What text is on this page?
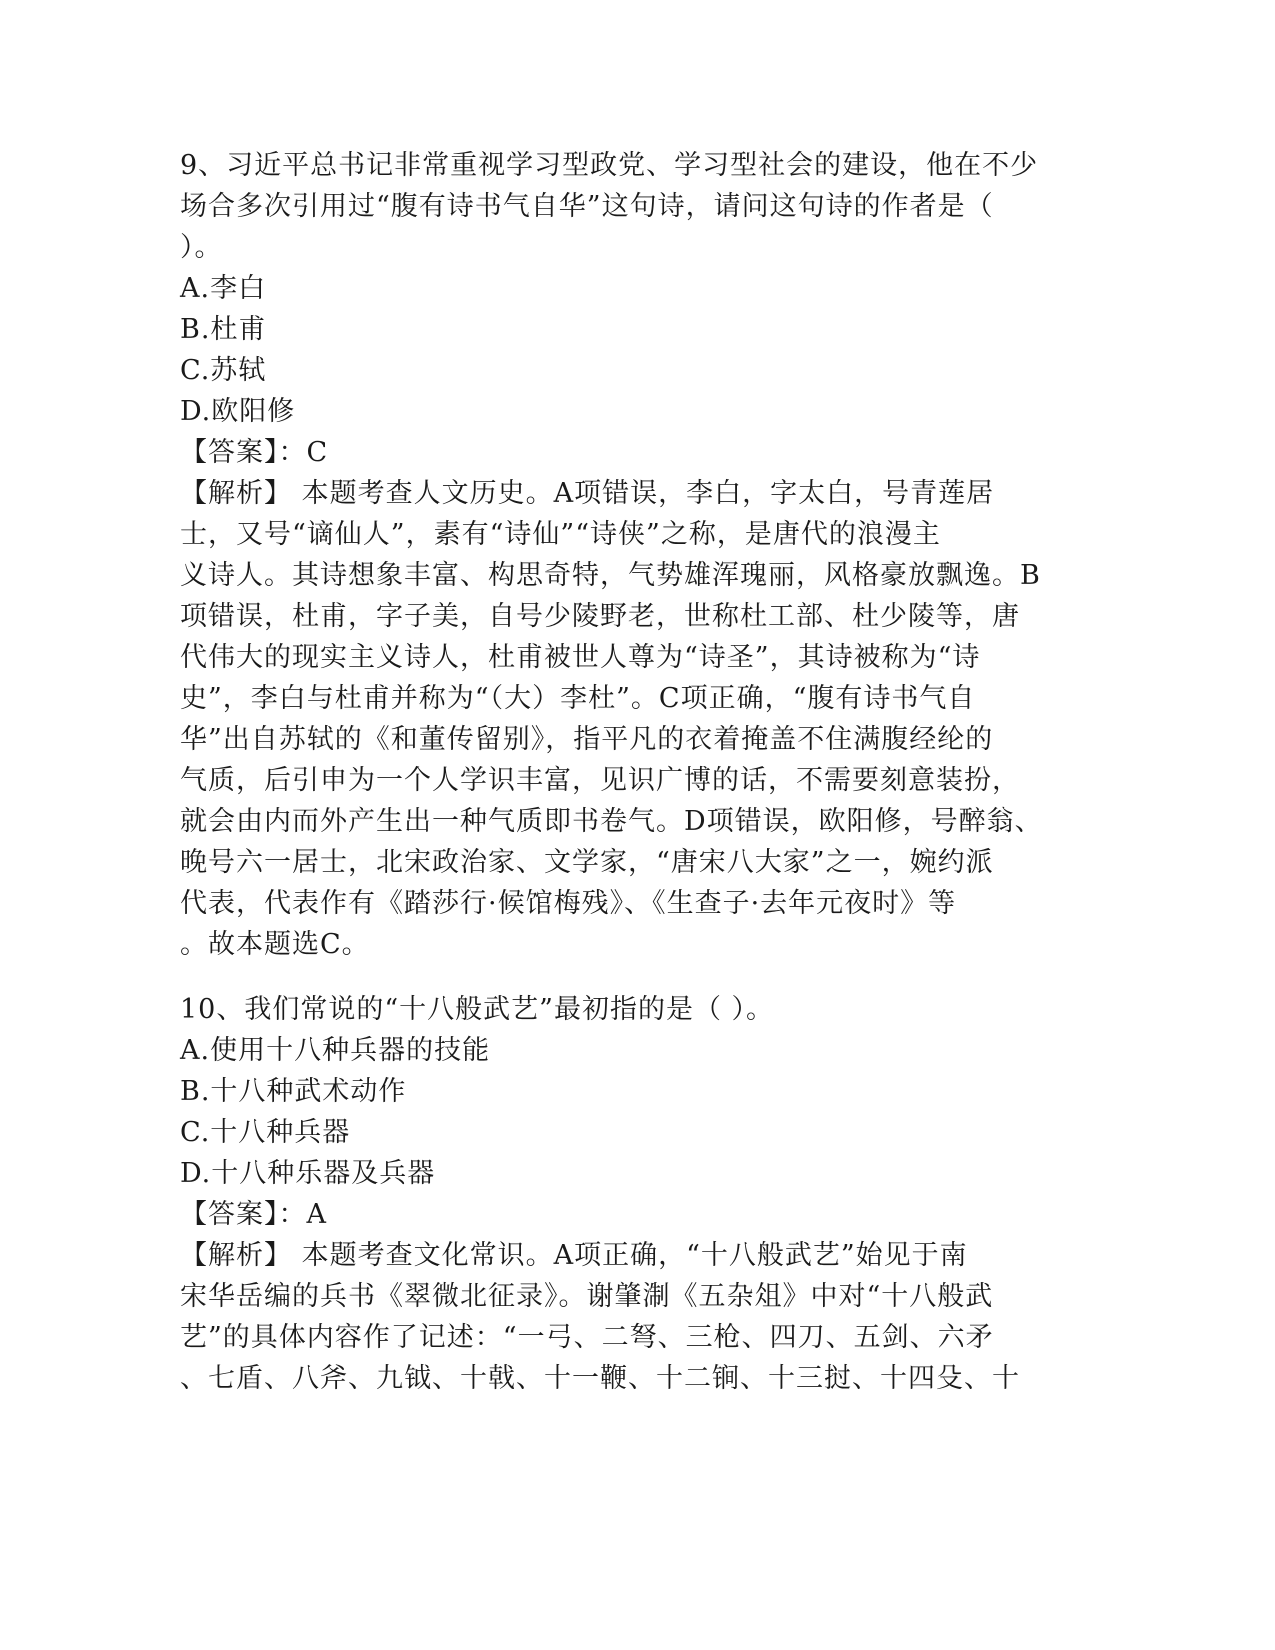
9、习近平总书记非常重视学习型政党、学习型社会的建设，他在不少
场合多次引用过“腹有诗书气自华”这句诗，请问这句诗的作者是（
）。
A.李白
B.杜甫
C.苏轼
D.欧阳修
【答案】：C
【解析】 本题考查人文历史。A项错误，李白，字太白，号青莲居
士，又号“谪仙人”，素有“诗仙”“诗侠”之称，是唐代的浪漫主
义诗人。其诗想象丰富、构思奇特，气势雄浑瑰丽，风格豪放飘逸。B
项错误，杜甫，字子美，自号少陵野老，世称杜工部、杜少陵等，唐
代伟大的现实主义诗人，杜甫被世人尊为“诗圣”，其诗被称为“诗
史”，李白与杜甫并称为“（大）李杜”。C项正确，“腹有诗书气自
华”出自苏轼的《和董传留别》，指平凡的衣着掩盖不住满腹经纶的
气质，后引申为一个人学识丰富，见识广博的话，不需要刻意装扮，
就会由内而外产生出一种气质即书卷气。D项错误，欧阳修，号醉翁、
晚号六一居士，北宋政治家、文学家，“唐宋八大家”之一，婉约派
代表，代表作有《踏莎行·候馆梅残》、《生查子·去年元夜时》等
。故本题选C。
10、我们常说的“十八般武艺”最初指的是（ ）。
A.使用十八种兵器的技能
B.十八种武术动作
C.十八种兵器
D.十八种乐器及兵器
【答案】：A
【解析】 本题考查文化常识。A项正确，“十八般武艺”始见于南
宋华岳编的兵书《翠微北征录》。谢肇淛《五杂俎》中对“十八般武
艺”的具体内容作了记述：“一弓、二弩、三枪、四刀、五剑、六矛
、七盾、八斧、九钺、十戟、十一鞭、十二锏、十三挝、十四殳、十
